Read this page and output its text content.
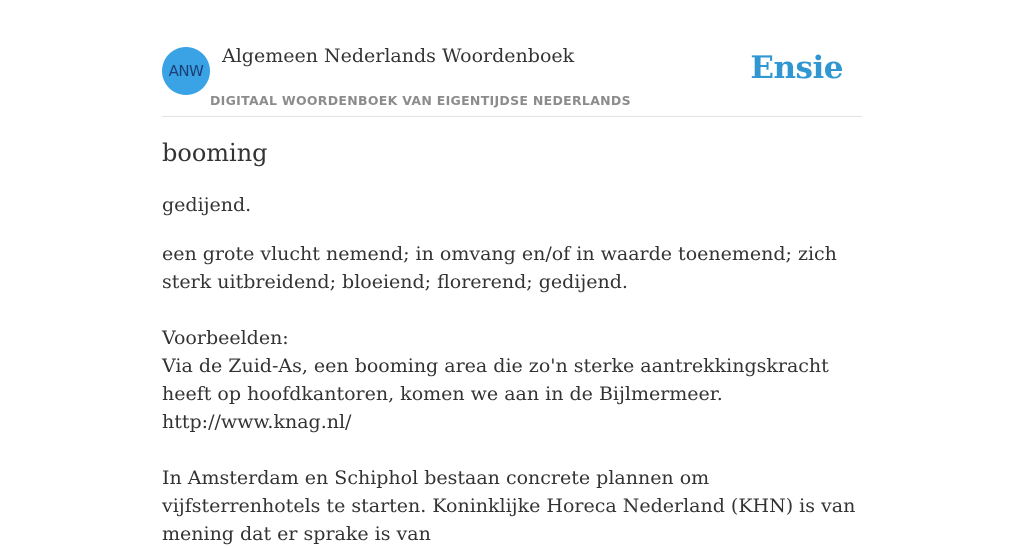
ANW
Algemeen Nederlands Woordenboek
DIGITAAL WOORDENBOEK VAN EIGENTIJDSE NEDERLANDS
Ensie
booming

gedijend.

een grote vlucht nemend; in omvang en/of in waarde toenemend; zich sterk uitbreidend; bloeiend; florerend; gedijend.

Voorbeelden:

Via de Zuid-As, een booming area die zo'n sterke aantrekkingskracht heeft op hoofdkantoren, komen we aan in de Bijlmermeer.

http://www.knag.nl/

In Amsterdam en Schiphol bestaan concrete plannen om vijfsterrenhotels te starten. Koninklijke Horeca Nederland (KHN) is van mening dat er sprake is van
